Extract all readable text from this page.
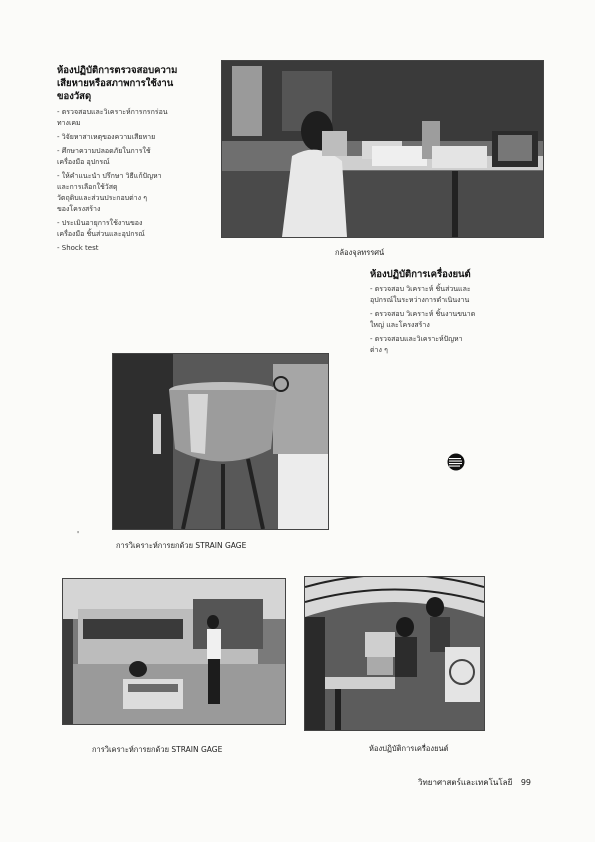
ห้องปฏิบัติการตรวจสอบความ
เสียหายหรือสภาพการใช้งาน
ของวัสดุ
- ตรวจสอบและวิเคราะห์การกรกร่อน
ทางเคม
- วิจัยหาสาเหตุของความเสียหาย
- ศึกษาความปลอดภัยในการใช้
เครื่องมือ อุปกรณ์
- ให้คำแนะนำ ปรึกษา วิธีแก้ปัญหา
และการเลือกใช้วัสดุ
วัตถุดิบและส่วนประกอบต่าง ๆ
ของโครงสร้าง
- ประเมินอายุการใช้งานของ
เครื่องมือ ชิ้นส่วนและอุปกรณ์
- Shock test	กล้องจุลทรรศน์
ห้องปฏิบัติการเครื่องยนต์
- ตรวจสอบ วิเคราะห์ ชิ้นส่วนและ
อุปกรณ์ในระหว่างการดำเนินงาน
- ตรวจสอบ วิเคราะห์ ชิ้นงานขนาด
ใหญ่ และโครงสร้าง
- ตรวจสอบและวิเคราะห์ปัญหา
ต่าง ๆ
'
การวิเคราะห์การยกด้วย STRAIN GAGE
การวิเคราะห์การยกด้วย STRAIN GAGE	ห้องปฏิบัติการเครื่องยนต์
วิทยาศาสตร์และเทคโนโลยี 99
